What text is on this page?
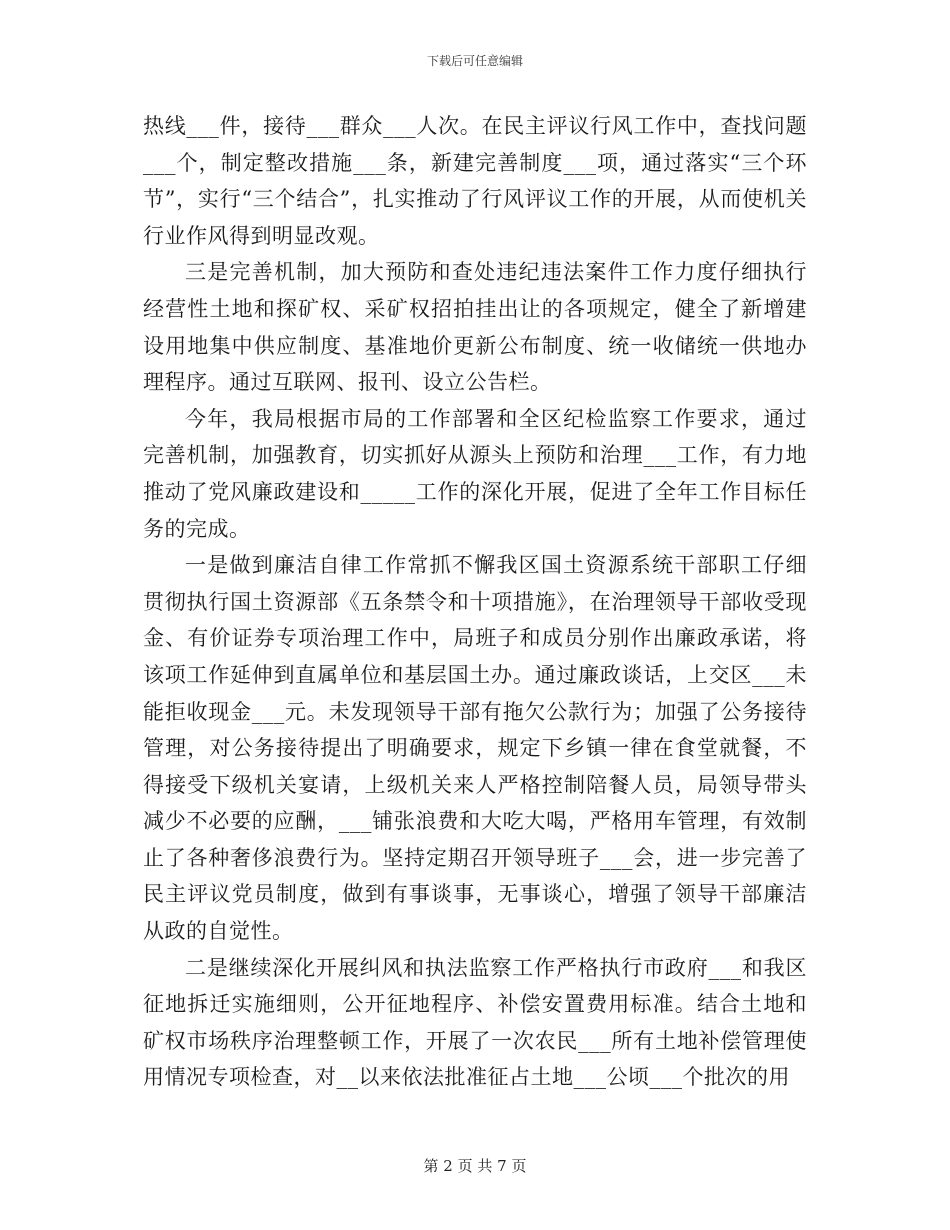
下载后可任意编辑

热线___件，接待___群众___人次。在民主评议行风工作中，查找问题___个，制定整改措施___条，新建完善制度___项，通过落实“三个环节”，实行“三个结合”，扎实推动了行风评议工作的开展，从而使机关行业作风得到明显改观。

三是完善机制，加大预防和查处违纪违法案件工作力度仔细执行经营性土地和探矿权、采矿权招拍挂出让的各项规定，健全了新增建设用地集中供应制度、基准地价更新公布制度、统一收储统一供地办理程序。通过互联网、报刊、设立公告栏。

今年，我局根据市局的工作部署和全区纪检监察工作要求，通过完善机制，加强教育，切实抓好从源头上预防和治理___工作，有力地推动了党风廉政建设和_____工作的深化开展，促进了全年工作目标任务的完成。

一是做到廉洁自律工作常抓不懈我区国土资源系统干部职工仔细贯彻执行国土资源部《五条禁令和十项措施》，在治理领导干部收受现金、有价证券专项治理工作中，局班子和成员分别作出廉政承诺，将该项工作延伸到直属单位和基层国土办。通过廉政谈话，上交区___未能拒收现金___元。未发现领导干部有拖欠公款行为；加强了公务接待管理，对公务接待提出了明确要求，规定下乡镇一律在食堂就餐，不得接受下级机关宴请，上级机关来人严格控制陪餐人员，局领导带头减少不必要的应酬，___铺张浪费和大吃大喝，严格用车管理，有效制止了各种奢侈浪费行为。坚持定期召开领导班子___会，进一步完善了民主评议党员制度，做到有事谈事，无事谈心，增强了领导干部廉洁从政的自觉性。

二是继续深化开展纠风和执法监察工作严格执行市政府___和我区征地拆迁实施细则，公开征地程序、补偿安置费用标准。结合土地和矿权市场秩序治理整顿工作，开展了一次农民___所有土地补偿管理使用情况专项检查，对__以来依法批准征占土地___公顷___个批次的用

第 2 页 共 7 页
